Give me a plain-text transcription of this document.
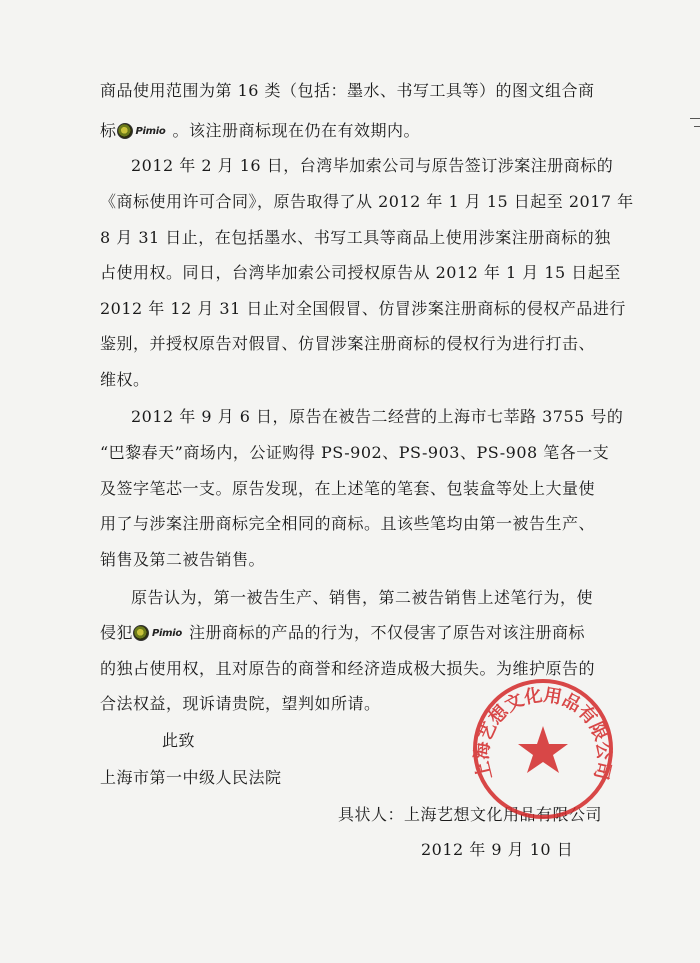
商品使用范围为第 16 类（包括：墨水、书写工具等）的图文组合商
标 Pimio 。该注册商标现在仍在有效期内。
2012 年 2 月 16 日，台湾毕加索公司与原告签订涉案注册商标的
《商标使用许可合同》，原告取得了从 2012 年 1 月 15 日起至 2017 年
8 月 31 日止，在包括墨水、书写工具等商品上使用涉案注册商标的独
占使用权。同日，台湾毕加索公司授权原告从 2012 年 1 月 15 日起至
2012 年 12 月 31 日止对全国假冒、仿冒涉案注册商标的侵权产品进行
鉴别，并授权原告对假冒、仿冒涉案注册商标的侵权行为进行打击、
维权。
2012 年 9 月 6 日，原告在被告二经营的上海市七莘路 3755 号的
“巴黎春天”商场内，公证购得 PS-902、PS-903、PS-908 笔各一支
及签字笔芯一支。原告发现，在上述笔的笔套、包装盒等处上大量使
用了与涉案注册商标完全相同的商标。且该些笔均由第一被告生产、
销售及第二被告销售。
原告认为，第一被告生产、销售，第二被告销售上述笔行为，使
侵犯 Pimio 注册商标的产品的行为，不仅侵害了原告对该注册商标
的独占使用权，且对原告的商誉和经济造成极大损失。为维护原告的
合法权益，现诉请贵院，望判如所请。
此致
上海市第一中级人民法院
具状人：上海艺想文化用品有限公司
2012 年 9 月 10 日
上海艺想文化用品有限公司
